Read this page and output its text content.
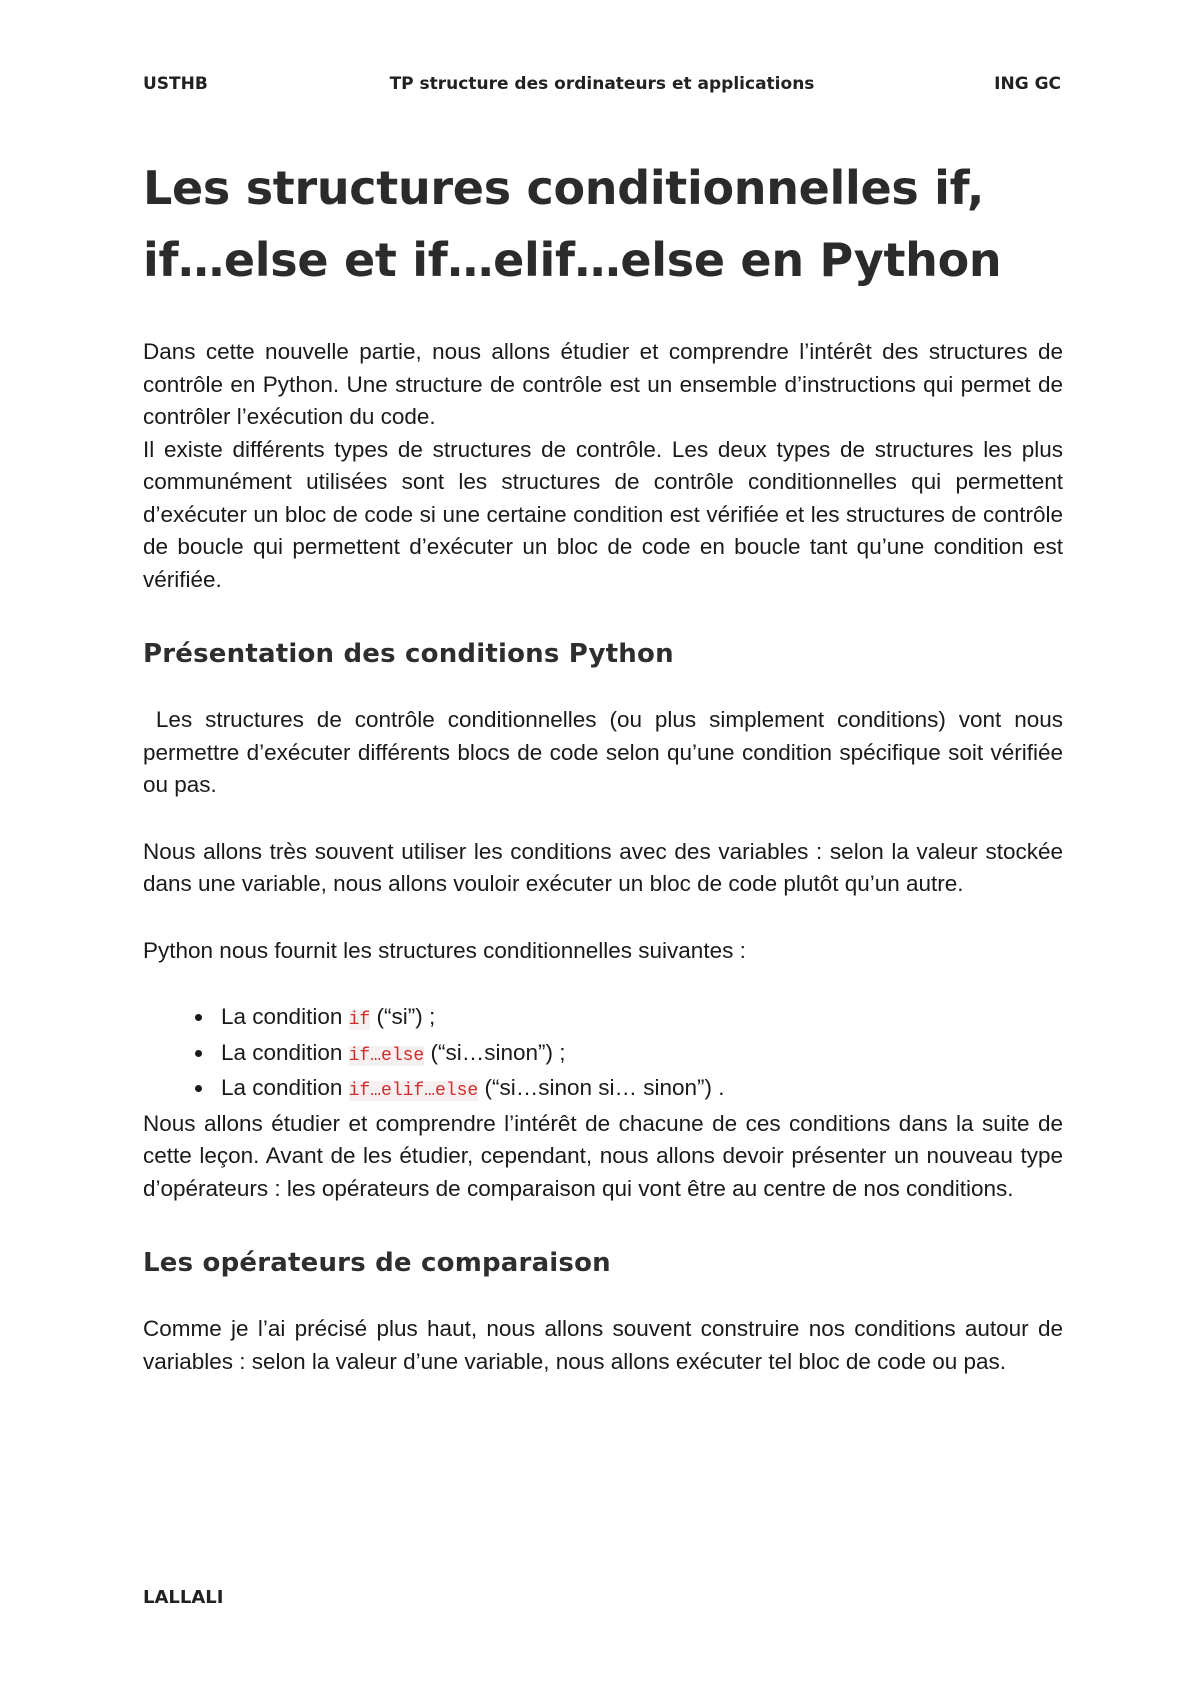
USTHB	TP structure des ordinateurs et applications	ING GC
Les structures conditionnelles if,
if…else et if…elif…else en Python

Dans cette nouvelle partie, nous allons étudier et comprendre l’intérêt des structures de contrôle en Python. Une structure de contrôle est un ensemble d’instructions qui permet de contrôler l’exécution du code.

Il existe différents types de structures de contrôle. Les deux types de structures les plus communément utilisées sont les structures de contrôle conditionnelles qui permettent d’exécuter un bloc de code si une certaine condition est vérifiée et les structures de contrôle de boucle qui permettent d’exécuter un bloc de code en boucle tant qu’une condition est vérifiée.

Présentation des conditions Python

Les structures de contrôle conditionnelles (ou plus simplement conditions) vont nous permettre d’exécuter différents blocs de code selon qu’une condition spécifique soit vérifiée ou pas.

Nous allons très souvent utiliser les conditions avec des variables : selon la valeur stockée dans une variable, nous allons vouloir exécuter un bloc de code plutôt qu’un autre.

Python nous fournit les structures conditionnelles suivantes :

• La condition if (“si”) ;
• La condition if…else (“si…sinon”) ;
• La condition if…elif…else (“si…sinon si… sinon”) .

Nous allons étudier et comprendre l’intérêt de chacune de ces conditions dans la suite de cette leçon. Avant de les étudier, cependant, nous allons devoir présenter un nouveau type d’opérateurs : les opérateurs de comparaison qui vont être au centre de nos conditions.

Les opérateurs de comparaison

Comme je l’ai précisé plus haut, nous allons souvent construire nos conditions autour de variables : selon la valeur d’une variable, nous allons exécuter tel bloc de code ou pas.

LALLALI
